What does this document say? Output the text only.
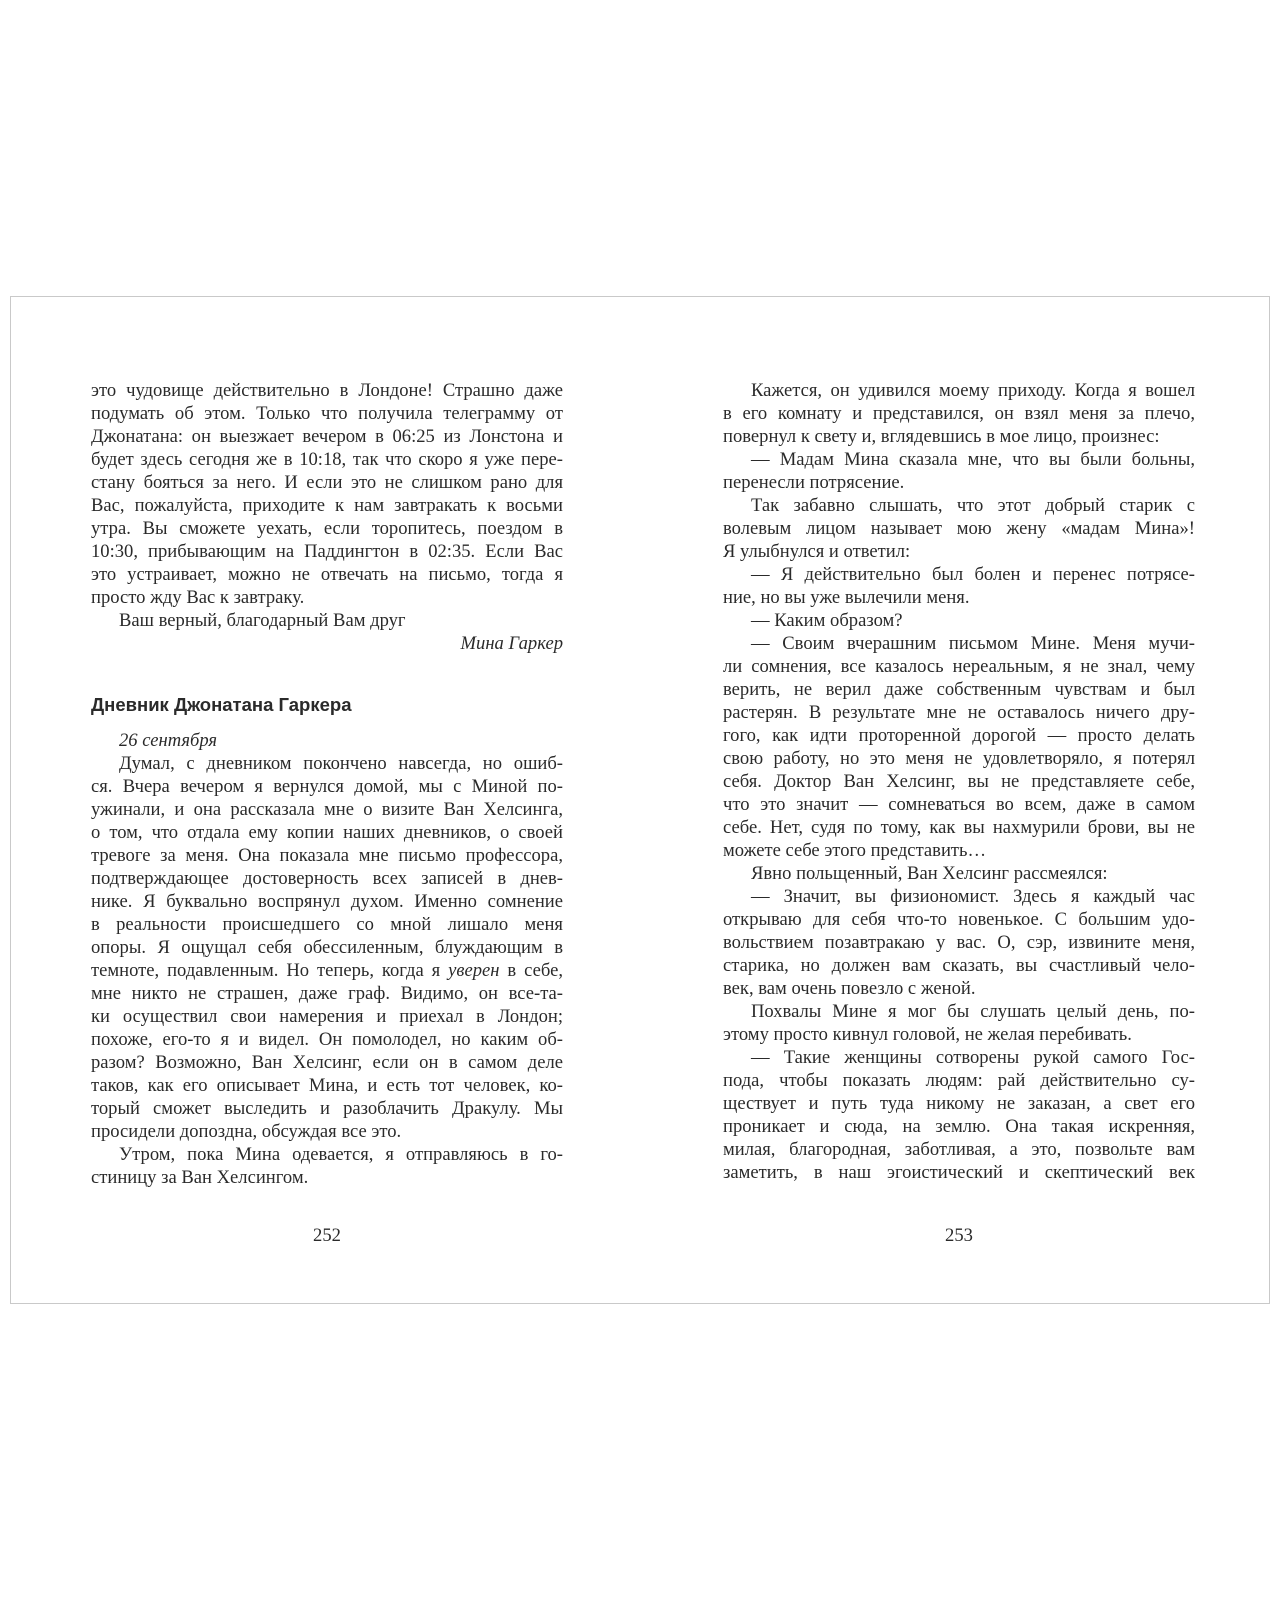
это чудовище действительно в Лондоне! Страшно даже
подумать об этом. Только что получила телеграмму от
Джонатана: он выезжает вечером в 06:25 из Лонстона и
будет здесь сегодня же в 10:18, так что скоро я уже пере-
стану бояться за него. И если это не слишком рано для
Вас, пожалуйста, приходите к нам завтракать к восьми
утра. Вы сможете уехать, если торопитесь, поездом в
10:30, прибывающим на Паддингтон в 02:35. Если Вас
это устраивает, можно не отвечать на письмо, тогда я
просто жду Вас к завтраку.
Ваш верный, благодарный Вам друг
Мина Гаркер
Дневник Джонатана Гаркера
26 сентября
Думал, с дневником покончено навсегда, но ошиб-
ся. Вчера вечером я вернулся домой, мы с Миной по-
ужинали, и она рассказала мне о визите Ван Хелсинга,
о том, что отдала ему копии наших дневников, о своей
тревоге за меня. Она показала мне письмо профессора,
подтверждающее достоверность всех записей в днев-
нике. Я буквально воспрянул духом. Именно сомнение
в реальности происшедшего со мной лишало меня
опоры. Я ощущал себя обессиленным, блуждающим в
темноте, подавленным. Но теперь, когда я уверен в себе,
мне никто не страшен, даже граф. Видимо, он все-та-
ки осуществил свои намерения и приехал в Лондон;
похоже, его-то я и видел. Он помолодел, но каким об-
разом? Возможно, Ван Хелсинг, если он в самом деле
таков, как его описывает Мина, и есть тот человек, ко-
торый сможет выследить и разоблачить Дракулу. Мы
просидели допоздна, обсуждая все это.
Утром, пока Мина одевается, я отправляюсь в го-
стиницу за Ван Хелсингом.
Кажется, он удивился моему приходу. Когда я вошел
в его комнату и представился, он взял меня за плечо,
повернул к свету и, вглядевшись в мое лицо, произнес:
— Мадам Мина сказала мне, что вы были больны,
перенесли потрясение.
Так забавно слышать, что этот добрый старик с
волевым лицом называет мою жену «мадам Мина»!
Я улыбнулся и ответил:
— Я действительно был болен и перенес потрясе-
ние, но вы уже вылечили меня.
— Каким образом?
— Своим вчерашним письмом Мине. Меня мучи-
ли сомнения, все казалось нереальным, я не знал, чему
верить, не верил даже собственным чувствам и был
растерян. В результате мне не оставалось ничего дру-
гого, как идти проторенной дорогой — просто делать
свою работу, но это меня не удовлетворяло, я потерял
себя. Доктор Ван Хелсинг, вы не представляете себе,
что это значит — сомневаться во всем, даже в самом
себе. Нет, судя по тому, как вы нахмурили брови, вы не
можете себе этого представить…
Явно польщенный, Ван Хелсинг рассмеялся:
— Значит, вы физиономист. Здесь я каждый час
открываю для себя что-то новенькое. С большим удо-
вольствием позавтракаю у вас. О, сэр, извините меня,
старика, но должен вам сказать, вы счастливый чело-
век, вам очень повезло с женой.
Похвалы Мине я мог бы слушать целый день, по-
этому просто кивнул головой, не желая перебивать.
— Такие женщины сотворены рукой самого Гос-
пода, чтобы показать людям: рай действительно су-
ществует и путь туда никому не заказан, а свет его
проникает и сюда, на землю. Она такая искренняя,
милая, благородная, заботливая, а это, позвольте вам
заметить, в наш эгоистический и скептический век
252	253
